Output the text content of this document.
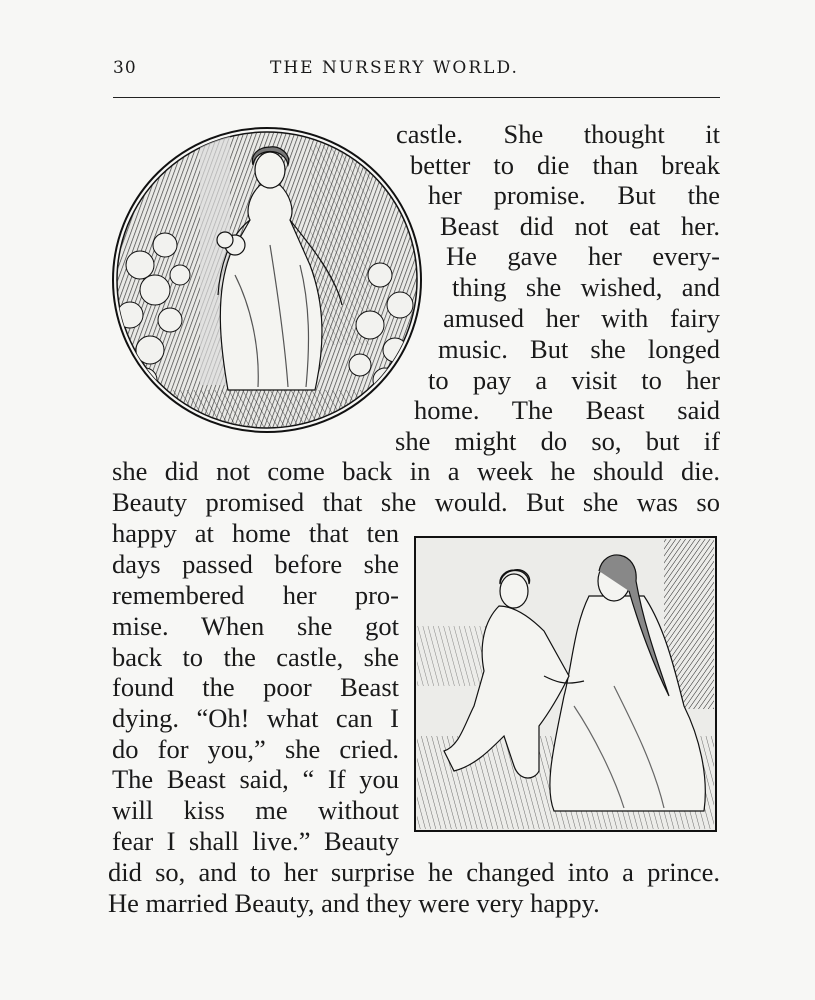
30	THE NURSERY WORLD.
castle. She thought it
better to die than break
her promise. But the
Beast did not eat her.
He gave her every-
thing she wished, and
amused her with fairy
music. But she longed
to pay a visit to her
home. The Beast said
she might do so, but if
she did not come back in a week he should die.
Beauty promised that she would. But she was so
happy at home that ten
days passed before she
remembered her pro-
mise. When she got
back to the castle, she
found the poor Beast
dying. “Oh! what can I
do for you,” she cried.
The Beast said, “ If you
will kiss me without
fear I shall live.” Beauty
did so, and to her surprise he changed into a prince.
He married Beauty, and they were very happy.
